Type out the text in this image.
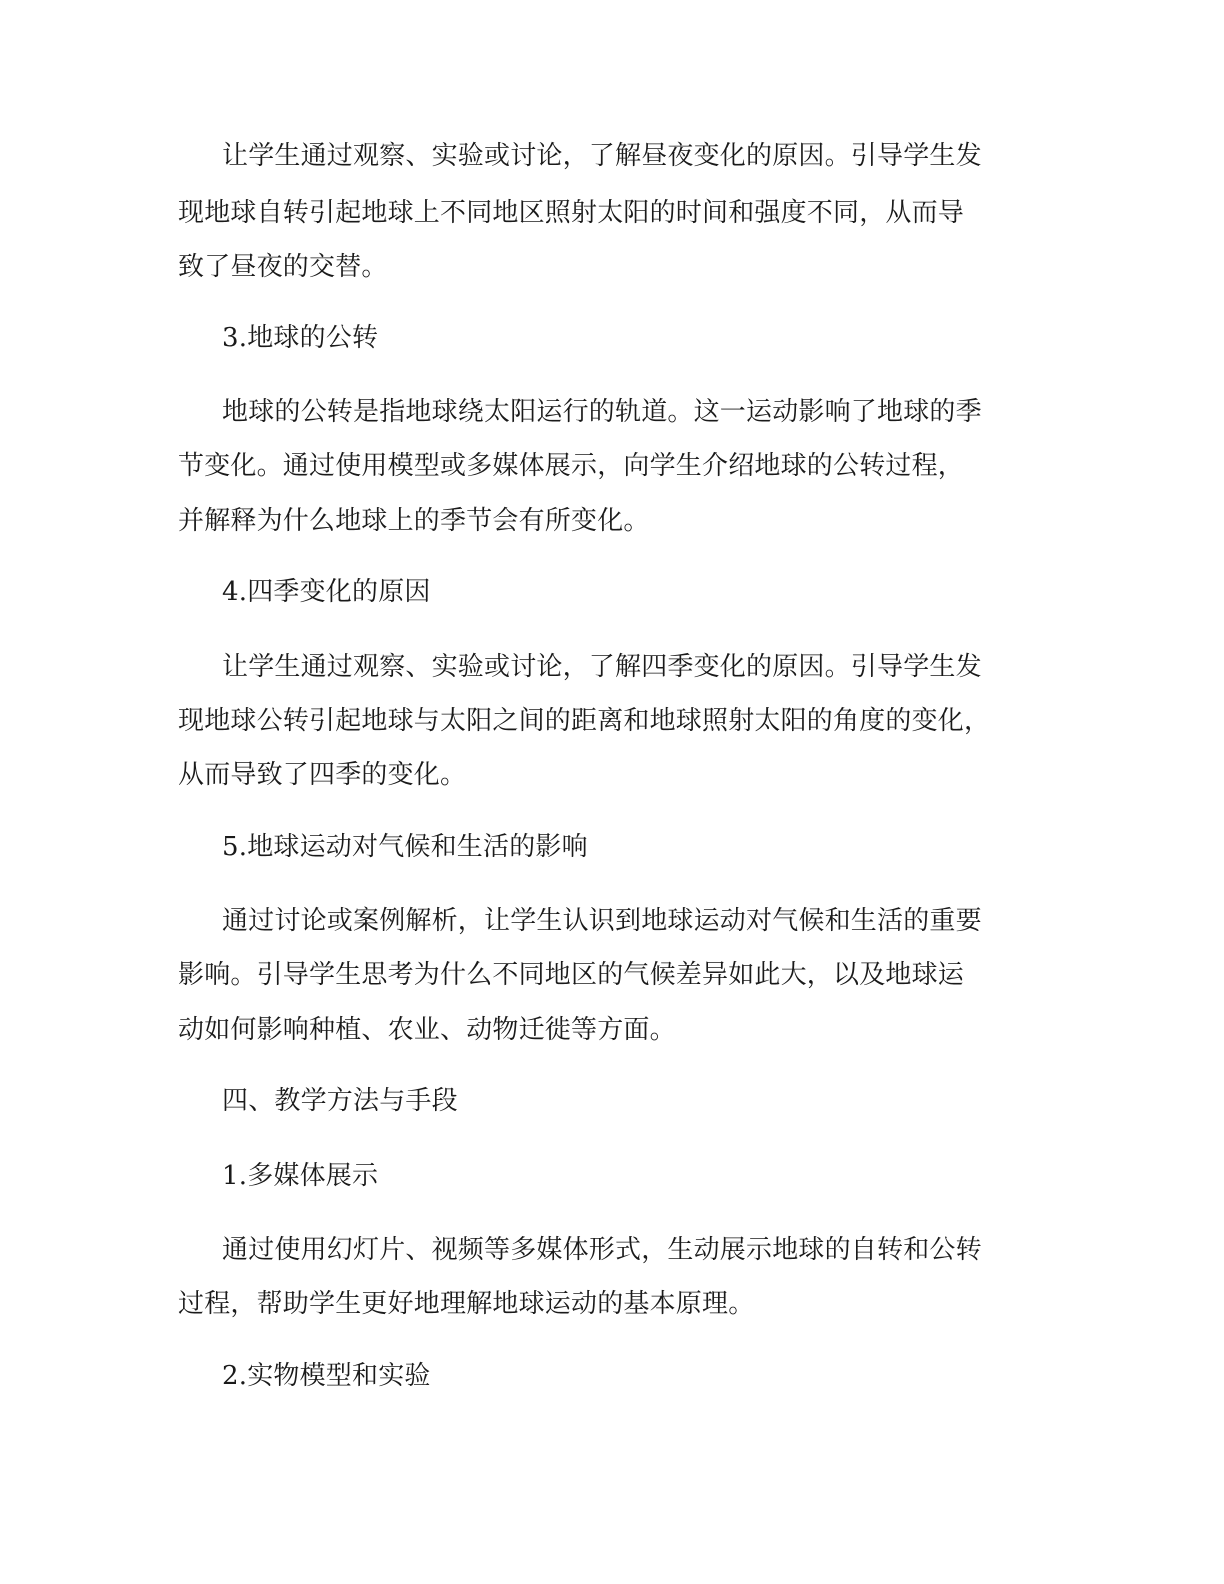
让学生通过观察、实验或讨论，了解昼夜变化的原因。引导学生发
现地球自转引起地球上不同地区照射太阳的时间和强度不同，从而导
致了昼夜的交替。
3.地球的公转
地球的公转是指地球绕太阳运行的轨道。这一运动影响了地球的季
节变化。通过使用模型或多媒体展示，向学生介绍地球的公转过程，
并解释为什么地球上的季节会有所变化。
4.四季变化的原因
让学生通过观察、实验或讨论，了解四季变化的原因。引导学生发
现地球公转引起地球与太阳之间的距离和地球照射太阳的角度的变化，
从而导致了四季的变化。
5.地球运动对气候和生活的影响
通过讨论或案例解析，让学生认识到地球运动对气候和生活的重要
影响。引导学生思考为什么不同地区的气候差异如此大，以及地球运
动如何影响种植、农业、动物迁徙等方面。
四、教学方法与手段
1.多媒体展示
通过使用幻灯片、视频等多媒体形式，生动展示地球的自转和公转
过程，帮助学生更好地理解地球运动的基本原理。
2.实物模型和实验
